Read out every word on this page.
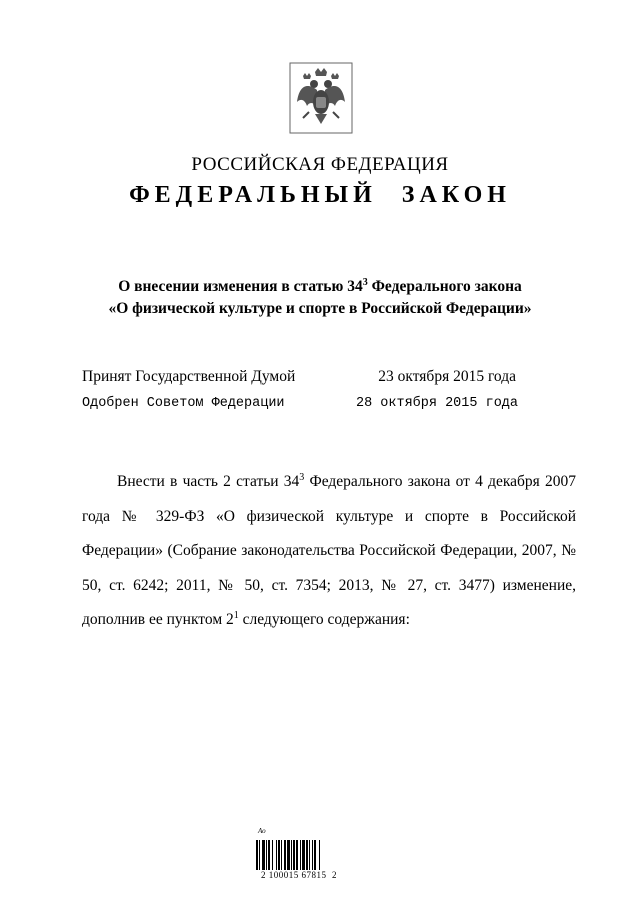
РОССИЙСКАЯ ФЕДЕРАЦИЯ
ФЕДЕРАЛЬНЫЙ ЗАКОН
О внесении изменения в статью $34^3$ Федерального закона
«О физической культуре и спорте в Российской Федерации»
Принят Государственной Думой	23 октября 2015 года
Одобрен Советом Федерации	28 октября 2015 года

Внести в часть 2 статьи $34^3$ Федерального закона от 4 декабря 2007 года № 329-ФЗ «О физической культуре и спорте в Российской Федерации» (Собрание законодательства Российской Федерации, 2007, № 50, ст. 6242; 2011, № 50, ст. 7354; 2013, № 27, ст. 3477) изменение, дополнив ее пунктом $2^1$ следующего содержания:

Ао
2 100015 67815  2
